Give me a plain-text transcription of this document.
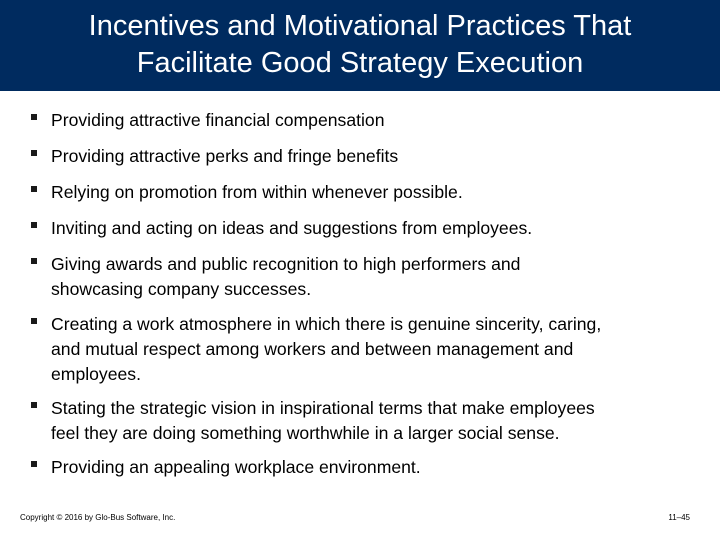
Incentives and Motivational Practices That
Facilitate Good Strategy Execution
Providing attractive financial compensation
Providing attractive perks and fringe benefits
Relying on promotion from within whenever possible.
Inviting and acting on ideas and suggestions from employees.
Giving awards and public recognition to high performers and
showcasing company successes.
Creating a work atmosphere in which there is genuine sincerity, caring,
and mutual respect among workers and between management and
employees.
Stating the strategic vision in inspirational terms that make employees
feel they are doing something worthwhile in a larger social sense.
Providing an appealing workplace environment.
Copyright © 2016 by Glo-Bus Software, Inc.	11–45
